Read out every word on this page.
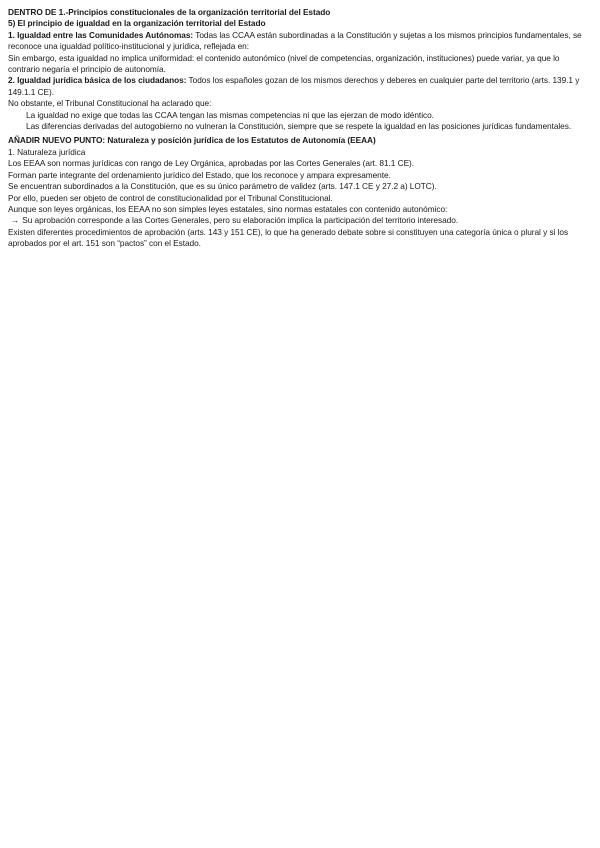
DENTRO DE 1.-Principios constitucionales de la organización territorial del Estado

5) El principio de igualdad en la organización territorial del Estado

1. Igualdad entre las Comunidades Autónomas: Todas las CCAA están subordinadas a la Constitución y sujetas a los mismos principios fundamentales, se reconoce una igualdad político-institucional y jurídica, reflejada en:

Sin embargo, esta igualdad no implica uniformidad: el contenido autonómico (nivel de competencias, organización, instituciones) puede variar, ya que lo contrario negaría el principio de autonomía.

2. Igualdad jurídica básica de los ciudadanos: Todos los españoles gozan de los mismos derechos y deberes en cualquier parte del territorio (arts. 139.1 y 149.1.1 CE).

No obstante, el Tribunal Constitucional ha aclarado que:

La igualdad no exige que todas las CCAA tengan las mismas competencias ni que las ejerzan de modo idéntico.

Las diferencias derivadas del autogobierno no vulneran la Constitución, siempre que se respete la igualdad en las posiciones jurídicas fundamentales.

AÑADIR NUEVO PUNTO: Naturaleza y posición jurídica de los Estatutos de Autonomía (EEAA)

1. Naturaleza jurídica

Los EEAA son normas jurídicas con rango de Ley Orgánica, aprobadas por las Cortes Generales (art. 81.1 CE).

Forman parte integrante del ordenamiento jurídico del Estado, que los reconoce y ampara expresamente.

Se encuentran subordinados a la Constitución, que es su único parámetro de validez (arts. 147.1 CE y 27.2 a) LOTC).

Por ello, pueden ser objeto de control de constitucionalidad por el Tribunal Constitucional.

Aunque son leyes orgánicas, los EEAA no son simples leyes estatales, sino normas estatales con contenido autonómico:

→ Su aprobación corresponde a las Cortes Generales, pero su elaboración implica la participación del territorio interesado.

Existen diferentes procedimientos de aprobación (arts. 143 y 151 CE), lo que ha generado debate sobre si constituyen una categoría única o plural y si los aprobados por el art. 151 son “pactos” con el Estado.
